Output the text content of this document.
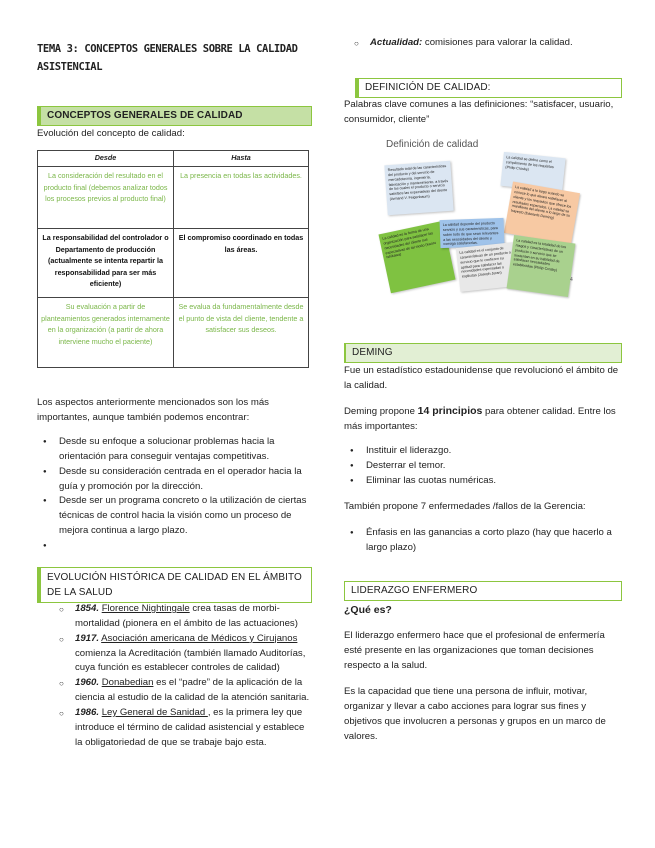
TEMA 3: CONCEPTOS GENERALES SOBRE LA CALIDAD ASISTENCIAL
CONCEPTOS GENERALES DE CALIDAD

Evolución del concepto de calidad:

Desde	Hasta
La consideración del resultado en el producto final (debemos analizar todos los procesos previos al producto final)	La presencia en todas las actividades.
La responsabilidad del controlador o Departamento de producción (actualmente se intenta repartir la responsabilidad para ser más eficiente)	El compromiso coordinado en todas las áreas.
Su evaluación a partir de planteamientos generados internamente en la organización (a partir de ahora interviene mucho el paciente)	Se evalua da fundamentalmente desde el punto de vista del cliente, tendente a satisfacer sus deseos.

Los aspectos anteriormente mencionados son los más importantes, aunque también podemos encontrar:

● Desde su enfoque a solucionar problemas hacia la orientación para conseguir ventajas competitivas.
● Desde su consideración centrada en el operador hacia la guía y promoción por la dirección.
● Desde ser un programa concreto o la utilización de ciertas técnicas de control hacia la visión como un proceso de mejora continua a largo plazo.
●
EVOLUCIÓN HISTÓRICA DE CALIDAD EN EL ÁMBITO DE LA SALUD
○ 1854. Florence Nightingale crea tasas de morbi-mortalidad (pionera en el ámbito de las actuaciones)
○ 1917. Asociación americana de Médicos y Cirujanos comienza la Acreditación (también llamado Auditorías, cuya función es establecer controles de calidad)
○ 1960. Donabedian es el “padre” de la aplicación de la ciencia al estudio de la calidad de la atención sanitaria.
○ 1986. Ley General de Sanidad , es la primera ley que introduce el término de calidad asistencial y establece la obligatoriedad de que se trabaje bajo esta.
○ Actualidad: comisiones para valorar la calidad.
DEFINICIÓN DE CALIDAD:

Palabras clave comunes a las definiciones: “satisfacer, usuario, consumidor, cliente”

Definición de calidad
Resultado total de las características del producto y del servicio de mercadotecnia, ingeniería, fabricación y mantenimiento, a través de los cuales el producto o servicio satisface las expectativas del cliente (Armand V. Feigenbaum)
La calidad se define como el cumplimiento de los requisitos (Philip Crosby)
La calidad a lo largo cuando se conoce lo que desea satisfacer al cliente y los requisitos que ofrece los resultados esperados. La calidad se manifiesta del cliente a lo largo de su trayecto (Edwards Deming)
La calidad es la forma de una organización para satisfacer las necesidades del cliente sus expectativas de tal modo (Kaoru Ishikawa)
La calidad depende del producto servicio y sus características, para sobre todo de que sean relevantes a las necesidades del cliente y consiga satisfacerlas.
La calidad es el conjunto de características de un producto o servicio que le confieren su aptitud para satisfacer las necesidades expresadas o implícitas (Joseph Juran)
La calidad es la totalidad de los rasgos y características de un producto o servicio que se sustentan en su habilidad de satisfacer necesidades establecidas (Philip Crosby)
4
DEMING

Fue un estadístico estadounidense que revolucionó el ámbito de la calidad.

Deming propone 14 principios para obtener calidad. Entre los más importantes:

● Instituir el liderazgo.
● Desterrar el temor.
● Eliminar las cuotas numéricas.

También propone 7 enfermedades /fallos de la Gerencia:

● Énfasis en las ganancias a corto plazo (hay que hacerlo a largo plazo)
LIDERAZGO ENFERMERO

¿Qué es?

El liderazgo enfermero hace que el profesional de enfermería esté presente en las organizaciones que toman decisiones respecto a la salud.

Es la capacidad que tiene una persona de influir, motivar, organizar y llevar a cabo acciones para lograr sus fines y objetivos que involucren a personas y grupos en un marco de valores.
